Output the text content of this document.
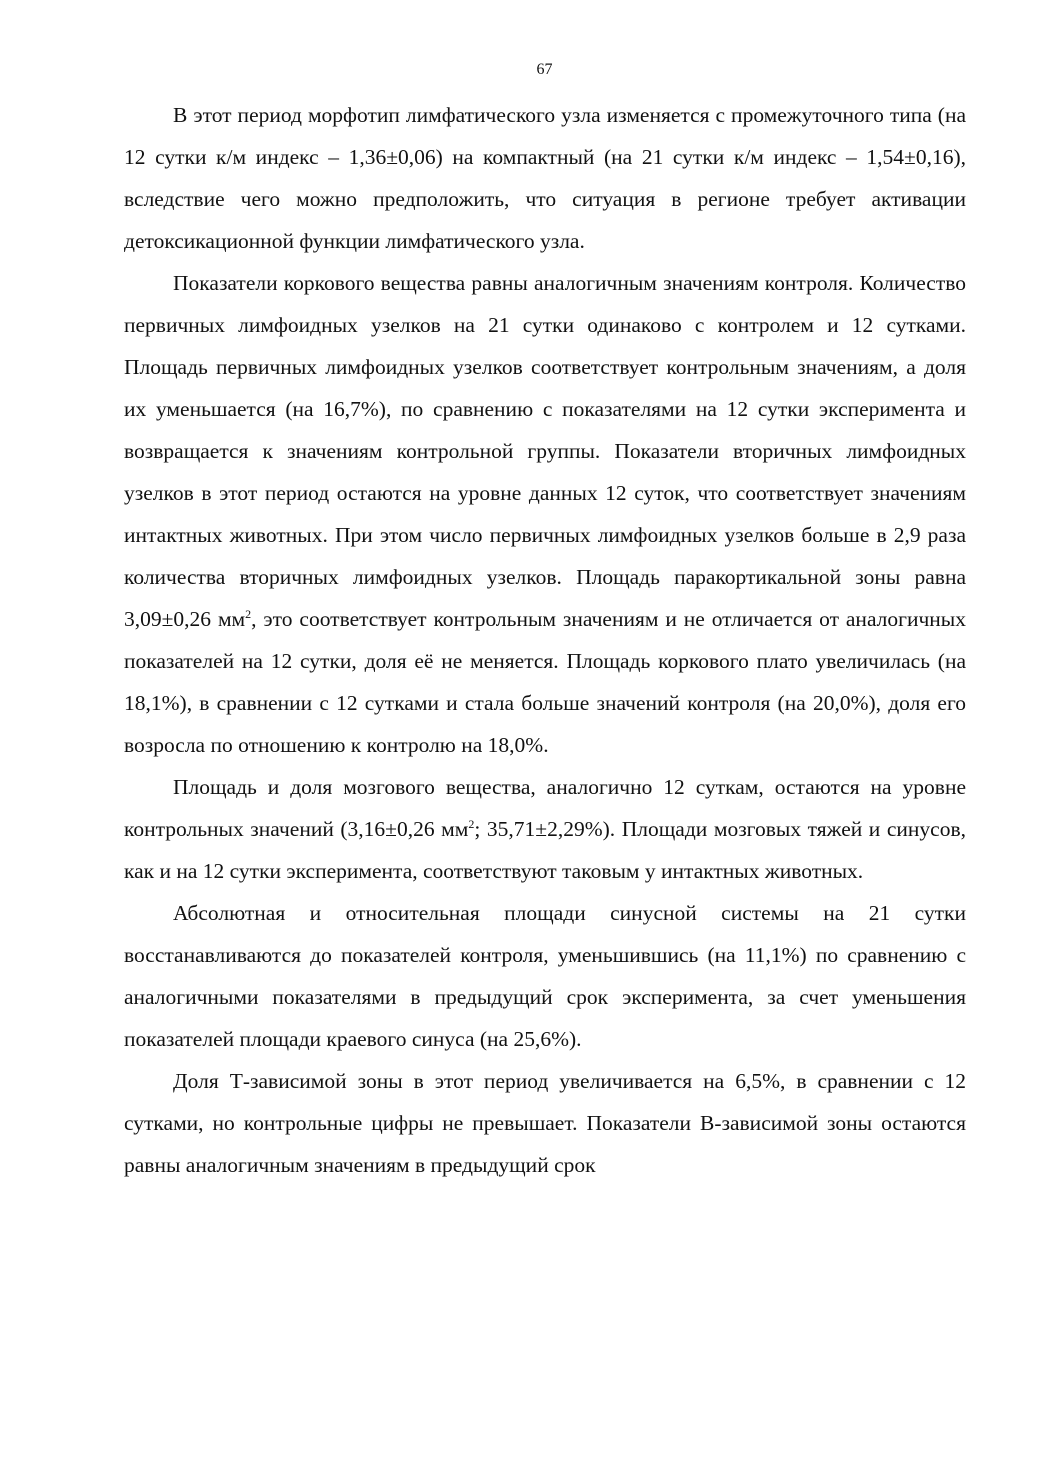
67

В этот период морфотип лимфатического узла изменяется с промежуточного типа (на 12 сутки к/м индекс – 1,36±0,06) на компактный (на 21 сутки к/м индекс – 1,54±0,16), вследствие чего можно предположить, что ситуация в регионе требует активации детоксикационной функции лимфатического узла.

Показатели коркового вещества равны аналогичным значениям контроля. Количество первичных лимфоидных узелков на 21 сутки одинаково с контролем и 12 сутками. Площадь первичных лимфоидных узелков соответствует контрольным значениям, а доля их уменьшается (на 16,7%), по сравнению с показателями на 12 сутки эксперимента и возвращается к значениям контрольной группы. Показатели вторичных лимфоидных узелков в этот период остаются на уровне данных 12 суток, что соответствует значениям интактных животных. При этом число первичных лимфоидных узелков больше в 2,9 раза количества вторичных лимфоидных узелков. Площадь паракортикальной зоны равна 3,09±0,26 $мм^2$, это соответствует контрольным значениям и не отличается от аналогичных показателей на 12 сутки, доля её не меняется. Площадь коркового плато увеличилась (на 18,1%), в сравнении с 12 сутками и стала больше значений контроля (на 20,0%), доля его возросла по отношению к контролю на 18,0%.

Площадь и доля мозгового вещества, аналогично 12 суткам, остаются на уровне контрольных значений (3,16±0,26 $мм^2$; 35,71±2,29%). Площади мозговых тяжей и синусов, как и на 12 сутки эксперимента, соответствуют таковым у интактных животных.

Абсолютная и относительная площади синусной системы на 21 сутки восстанавливаются до показателей контроля, уменьшившись (на 11,1%) по сравнению с аналогичными показателями в предыдущий срок эксперимента, за счет уменьшения показателей площади краевого синуса (на 25,6%).

Доля Т-зависимой зоны в этот период увеличивается на 6,5%, в сравнении с 12 сутками, но контрольные цифры не превышает. Показатели В-зависимой зоны остаются равны аналогичным значениям в предыдущий срок
